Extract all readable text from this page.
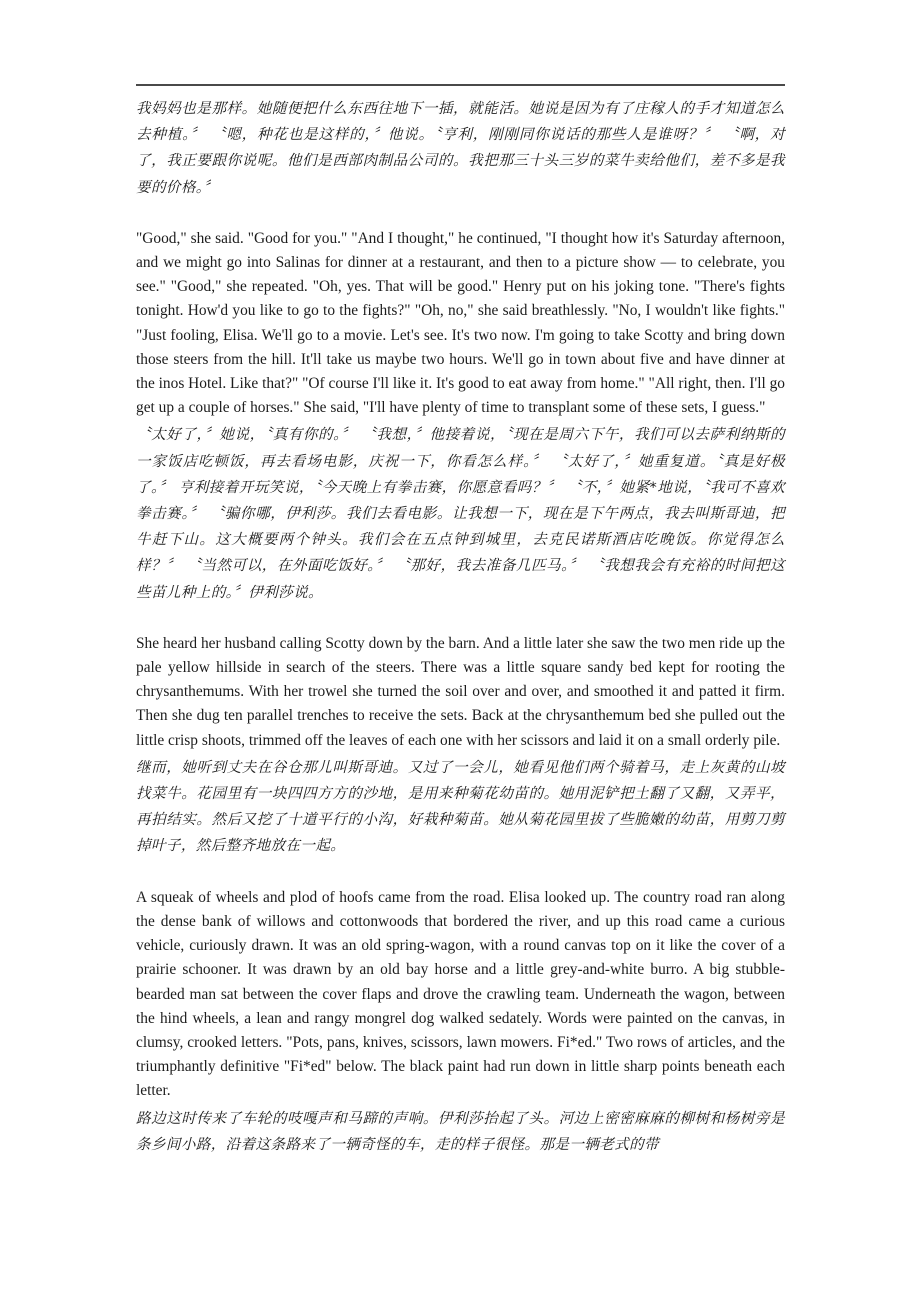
我妈妈也是那样。她随便把什么东西往地下一插，就能活。她说是因为有了庄稼人的手才知道怎么去种植。〞 〝嗯，种花也是这样的，〞他说。〝亨利，刚刚同你说话的那些人是谁呀？〞 〝啊，对了，我正要跟你说呢。他们是西部肉制品公司的。我把那三十头三岁的菜牛卖给他们，差不多是我要的价格。〞

"Good," she said. "Good for you." "And I thought," he continued, "I thought how it's Saturday afternoon, and we might go into Salinas for dinner at a restaurant, and then to a picture show — to celebrate, you see." "Good," she repeated. "Oh, yes. That will be good." Henry put on his joking tone. "There's fights tonight. How'd you like to go to the fights?" "Oh, no," she said breathlessly. "No, I wouldn't like fights." "Just fooling, Elisa. We'll go to a movie. Let's see. It's two now. I'm going to take Scotty and bring down those steers from the hill. It'll take us maybe two hours. We'll go in town about five and have dinner at the inos Hotel. Like that?" "Of course I'll like it. It's good to eat away from home." "All right, then. I'll go get up a couple of horses." She said, "I'll have plenty of time to transplant some of these sets, I guess."

〝太好了，〞她说，〝真有你的。〞 〝我想，〞他接着说，〝现在是周六下午，我们可以去萨利纳斯的一家饭店吃顿饭，再去看场电影，庆祝一下，你看怎么样。〞 〝太好了，〞她重复道。〝真是好极了。〞 亨利接着开玩笑说，〝今天晚上有拳击赛，你愿意看吗？〞 〝不，〞她紧*地说，〝我可不喜欢拳击赛。〞 〝骗你哪，伊利莎。我们去看电影。让我想一下，现在是下午两点，我去叫斯哥迪，把牛赶下山。这大概要两个钟头。我们会在五点钟到城里，去克民诺斯酒店吃晚饭。你觉得怎么样？〞 〝当然可以，在外面吃饭好。〞 〝那好，我去准备几匹马。〞 〝我想我会有充裕的时间把这些苗儿种上的。〞伊利莎说。

She heard her husband calling Scotty down by the barn. And a little later she saw the two men ride up the pale yellow hillside in search of the steers. There was a little square sandy bed kept for rooting the chrysanthemums. With her trowel she turned the soil over and over, and smoothed it and patted it firm. Then she dug ten parallel trenches to receive the sets. Back at the chrysanthemum bed she pulled out the little crisp shoots, trimmed off the leaves of each one with her scissors and laid it on a small orderly pile.

继而，她听到丈夫在谷仓那儿叫斯哥迪。又过了一会儿，她看见他们两个骑着马，走上灰黄的山坡找菜牛。花园里有一块四四方方的沙地，是用来种菊花幼苗的。她用泥铲把土翻了又翻，又弄平，再拍结实。然后又挖了十道平行的小沟，好栽种菊苗。她从菊花园里拔了些脆嫩的幼苗，用剪刀剪掉叶子，然后整齐地放在一起。

A squeak of wheels and plod of hoofs came from the road. Elisa looked up. The country road ran along the dense bank of willows and cottonwoods that bordered the river, and up this road came a curious vehicle, curiously drawn. It was an old spring-wagon, with a round canvas top on it like the cover of a prairie schooner. It was drawn by an old bay horse and a little grey-and-white burro. A big stubble-bearded man sat between the cover flaps and drove the crawling team. Underneath the wagon, between the hind wheels, a lean and rangy mongrel dog walked sedately. Words were painted on the canvas, in clumsy, crooked letters. "Pots, pans, knives, scissors, lawn mowers. Fi*ed." Two rows of articles, and the triumphantly definitive "Fi*ed" below. The black paint had run down in little sharp points beneath each letter.

路边这时传来了车轮的吱嘎声和马蹄的声响。伊利莎抬起了头。河边上密密麻麻的柳树和杨树旁是条乡间小路，沿着这条路来了一辆奇怪的车，走的样子很怪。那是一辆老式的带
